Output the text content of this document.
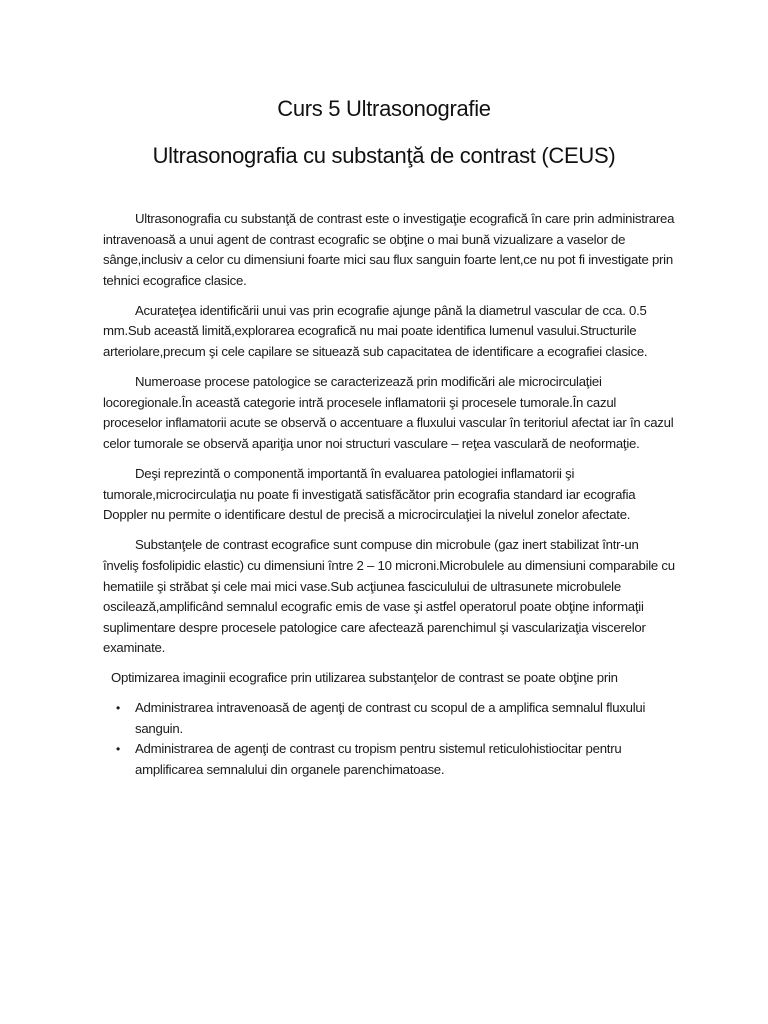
Curs 5 Ultrasonografie
Ultrasonografia cu substanţă de contrast (CEUS)

Ultrasonografia cu substanţă de contrast este o investigaţie ecografică în care prin administrarea intravenoasă a unui agent de contrast ecografic se obţine o mai bună vizualizare a vaselor de sânge,inclusiv a celor cu dimensiuni foarte mici sau flux sanguin foarte lent,ce nu pot fi investigate prin tehnici ecografice clasice.

Acurateţea identificării unui vas prin ecografie ajunge până la diametrul vascular de cca. 0.5 mm.Sub această limită,explorarea ecografică nu mai poate identifica lumenul vasului.Structurile arteriolare,precum şi cele capilare se situează sub capacitatea de identificare a ecografiei clasice.

Numeroase procese patologice se caracterizează prin modificări ale microcirculaţiei locoregionale.În această categorie intră procesele inflamatorii şi procesele tumorale.În cazul proceselor inflamatorii acute se observă o accentuare a fluxului vascular în teritoriul afectat iar în cazul celor tumorale se observă apariţia unor noi structuri vasculare – reţea vasculară de neoformaţie.

Deşi reprezintă o componentă importantă în evaluarea patologiei inflamatorii şi tumorale,microcirculaţia nu poate fi investigată satisfăcător prin ecografia standard iar ecografia Doppler nu permite o identificare destul de precisă a microcirculaţiei la nivelul zonelor afectate.

Substanţele de contrast ecografice sunt compuse din microbule (gaz inert stabilizat într-un înveliş fosfolipidic elastic) cu dimensiuni între 2 – 10 microni.Microbulele au dimensiuni comparabile cu hematiile şi străbat şi cele mai mici vase.Sub acţiunea fasciculului de ultrasunete microbulele oscilează,amplificând semnalul ecografic emis de vase şi astfel operatorul poate obţine informaţii suplimentare despre procesele patologice care afectează parenchimul şi vascularizaţia viscerelor examinate.

Optimizarea imaginii ecografice prin utilizarea substanţelor de contrast se poate obţine prin

• Administrarea intravenoasă de agenţi de contrast cu scopul de a amplifica semnalul fluxului sanguin.
• Administrarea de agenţi de contrast cu tropism pentru sistemul reticulohistiocitar pentru amplificarea semnalului din organele parenchimatoase.
